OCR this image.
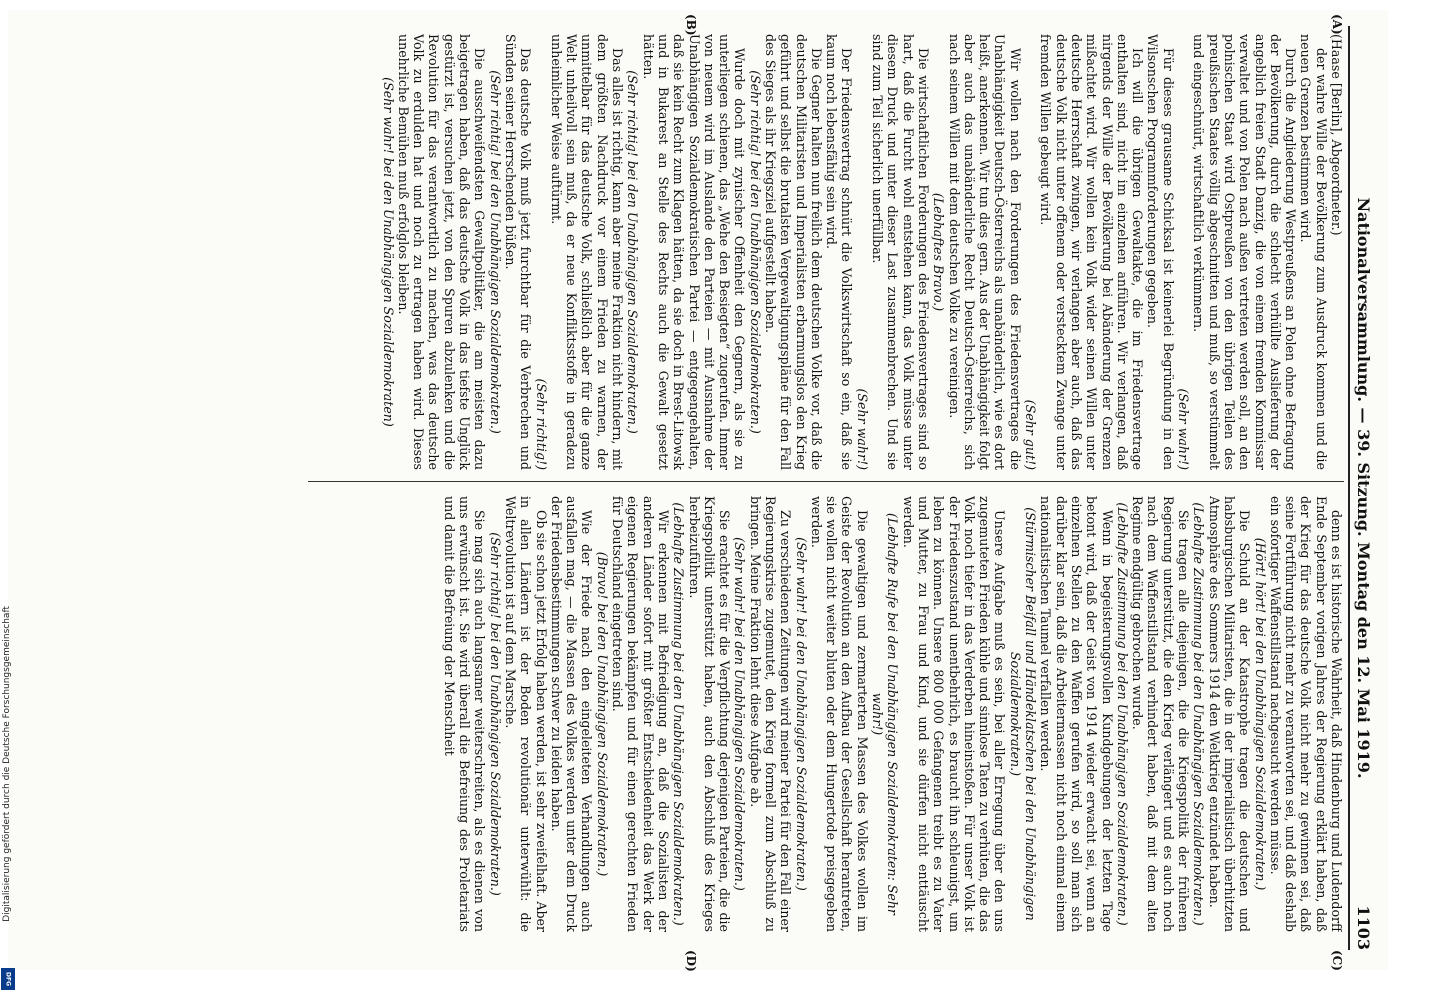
Nationalversammlung. — 39. Sitzung. Montag den 12. Mai 1919.
1103
(A)
(B)
(C)
(D)

(Haase [Berlin], Abgeordneter.)

der wahre Wille der Bevölkerung zum Ausdruck kommen und die neuen Grenzen bestimmen wird.

Durch die Angliederung Westpreußens an Polen ohne Befragung der Bevölkerung, durch die schlecht verhüllte Auslieferung der angeblich freien Stadt Danzig, die von einem fremden Kommissar verwaltet und von Polen nach außen vertreten werden soll, an den polnischen Staat wird Ostpreußen von den übrigen Teilen des preußischen Staates völlig abgeschnitten und muß, so verstümmelt und eingeschnürt, wirtschaftlich verkümmern.

(Sehr wahr!)

Für dieses grausame Schicksal ist keinerlei Begründung in den Wilsonschen Programmforderungen gegeben.

Ich will die übrigen Gewaltakte, die im Friedensvertrage enthalten sind, nicht im einzelnen anführen. Wir verlangen, daß nirgends der Wille der Bevölkerung bei Abänderung der Grenzen mißachtet wird. Wir wollen kein Volk wider seinen Willen unter deutsche Herrschaft zwingen, wir verlangen aber auch, daß das deutsche Volk nicht unter offenem oder verstecktem Zwange unter fremden Willen gebeugt wird.

(Sehr gut!)

Wir wollen nach den Forderungen des Friedensvertrages die Unabhängigkeit Deutsch-Österreichs als unabänderlich, wie es dort heißt, anerkennen. Wir tun dies gern. Aus der Unabhängigkeit folgt aber auch das unabänderliche Recht Deutsch-Österreichs, sich nach seinem Willen mit dem deutschen Volke zu vereinigen.

(Lebhaftes Bravo.)

Die wirtschaftlichen Forderungen des Friedensvertrages sind so hart, daß die Furcht wohl entstehen kann, das Volk müsse unter diesem Druck und unter dieser Last zusammenbrechen. Und sie sind zum Teil sicherlich unerfüllbar.

(Sehr wahr!)

Der Friedensvertrag schnürt die Volkswirtschaft so ein, daß sie kaum noch lebensfähig sein wird.

Die Gegner halten nun freilich dem deutschen Volke vor, daß die deutschen Militaristen und Imperialisten erbarmungslos den Krieg geführt und selbst die brutalsten Vergewaltigungspläne für den Fall des Sieges als ihr Kriegsziel aufgestellt haben.

(Sehr richtig! bei den Unabhängigen Sozialdemokraten.)

Wurde doch mit zynischer Offenheit den Gegnern, als sie zu unterliegen schienen, das „Wehe den Besiegten“ zugerufen. Immer von neuem wird im Auslande den Parteien — mit Ausnahme der Unabhängigen Sozialdemokratischen Partei — entgegengehalten, daß sie kein Recht zum Klagen hätten, da sie doch in Brest-Litowsk und in Bukarest an Stelle des Rechts auch die Gewalt gesetzt hätten.

(Sehr richtig! bei den Unabhängigen Sozialdemokraten.)

Das alles ist richtig, kann aber meine Fraktion nicht hindern, mit dem größten Nachdruck vor einem Frieden zu warnen, der unmittelbar für das deutsche Volk, schließlich aber für die ganze Welt unheilvoll sein muß, da er neue Konfliktsstoffe in geradezu unheimlicher Weise auftürmt.

(Sehr richtig!)

Das deutsche Volk muß jetzt furchtbar für die Verbrechen und Sünden seiner Herrschenden büßen.

(Sehr richtig! bei den Unabhängigen Sozialdemokraten.)

Die ausschweifendsten Gewaltpolitiker, die am meisten dazu beigetragen haben, daß das deutsche Volk in das tiefste Unglück gestürzt ist, versuchen jetzt, von den Spuren abzulenken und die Revolution für das verantwortlich zu machen, was das deutsche Volk zu erdulden hat und noch zu ertragen haben wird. Dieses unehrliche Bemühen muß erfolglos bleiben.

(Sehr wahr! bei den Unabhängigen Sozialdemokraten)

denn es ist historische Wahrheit, daß Hindenburg und Ludendorff Ende September vorigen Jahres der Regierung erklärt haben, daß der Krieg für das deutsche Volk nicht mehr zu gewinnen sei, daß seine Fortführung nicht mehr zu verantworten sei, und daß deshalb ein sofortiger Waffenstillstand nachgesucht werden müsse.

(Hört! hört! bei den Unabhängigen Sozialdemokraten.)

Die Schuld an der Katastrophe tragen die deutschen und habsburgischen Militaristen, die in der imperialistisch überhitzten Atmosphäre des Sommers 1914 den Weltkrieg entzündet haben.

(Lebhafte Zustimmung bei den Unabhängigen Sozialdemokraten.)

Sie tragen alle diejenigen, die die Kriegspolitik der früheren Regierung unterstützt, die den Krieg verlängert und es auch noch nach dem Waffenstillstand verhindert haben, daß mit dem alten Regime endgültig gebrochen wurde.

(Lebhafte Zustimmung bei den Unabhängigen Sozialdemokraten.)

Wenn in begeisterungsvollen Kundgebungen der letzten Tage betont wird, daß der Geist von 1914 wieder erwacht sei, wenn an einzelnen Stellen zu den Waffen gerufen wird, so soll man sich darüber klar sein, daß die Arbeitermassen nicht noch einmal einem nationalistischen Taumel verfallen werden.

(Stürmischer Beifall und Händeklatschen bei den Unabhängigen Sozialdemokraten.)

Unsere Aufgabe muß es sein, bei aller Erregung über den uns zugemuteten Frieden kühle und sinnlose Taten zu verhüten, die das Volk noch tiefer in das Verderben hineinstoßen. Für unser Volk ist der Friedenszustand unentbehrlich, es braucht ihn schleunigst, um leben zu können. Unsere 800 000 Gefangenen treibt es zu Vater und Mutter, zu Frau und Kind, und sie dürfen nicht enttäuscht werden.

(Lebhafte Rufe bei den Unabhängigen Sozialdemokraten: Sehr wahr!)

Die gewaltigen und zermarterten Massen des Volkes wollen im Geiste der Revolution an den Aufbau der Gesellschaft herantreten, sie wollen nicht weiter bluten oder dem Hungertode preisgegeben werden.

(Sehr wahr! bei den Unabhängigen Sozialdemokraten.)

Zu verschiedenen Zeitungen wird meiner Partei für den Fall einer Regierungskrise zugemutet, den Krieg formell zum Abschluß zu bringen. Meine Fraktion lehnt diese Aufgabe ab.

(Sehr wahr! bei den Unabhängigen Sozialdemokraten.)

Sie erachtet es für die Verpflichtung derjenigen Parteien, die die Kriegspolitik unterstützt haben, auch den Abschluß des Krieges herbeizuführen.

(Lebhafte Zustimmung bei den Unabhängigen Sozialdemokraten.)

Wir erkennen mit Befriedigung an, daß die Sozialisten der anderen Länder sofort mit größter Entschiedenheit das Werk der eigenen Regierungen bekämpfen und für einen gerechten Frieden für Deutschland eingetreten sind.

(Bravo! bei den Unabhängigen Sozialdemokraten.)

Wie der Friede nach den eingeleiteten Verhandlungen auch ausfallen mag, — die Massen des Volkes werden unter dem Druck der Friedensbestimmungen schwer zu leiden haben.

Ob sie schon jetzt Erfolg haben werden, ist sehr zweifelhaft. Aber in allen Ländern ist der Boden revolutionär unterwühlt: die Weltrevolution ist auf dem Marsche.

(Sehr richtig! bei den Unabhängigen Sozialdemokraten.)

Sie mag sich auch langsamer weiterschreiten, als es dienen von uns erwünscht ist. Sie wird überall die Befreiung des Proletariats und damit die Befreiung der Menschheit

Digitalisierung gefördert durch die Deutsche Forschungsgemeinschaft
DFG
